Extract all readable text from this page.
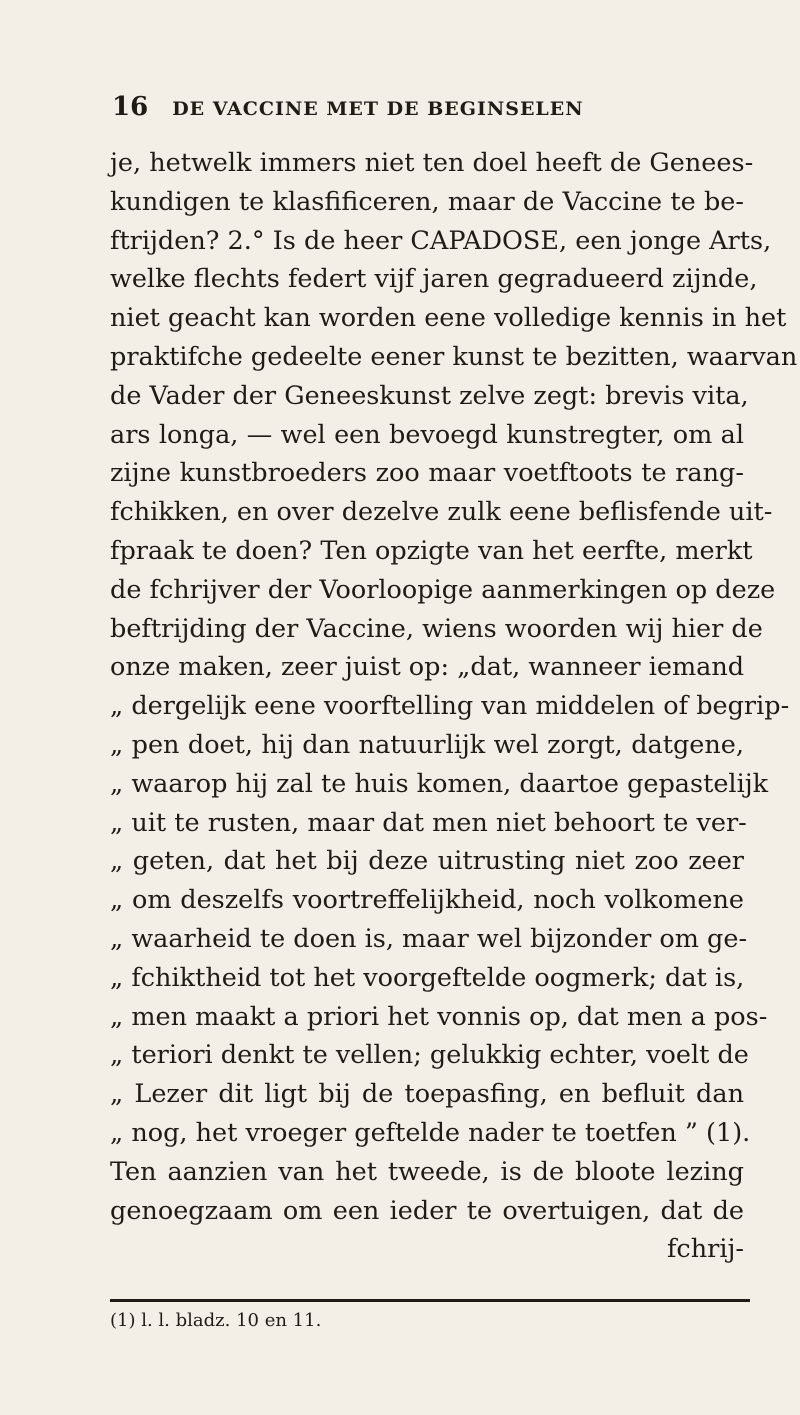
16 DE VACCINE MET DE BEGINSELEN
je, hetwelk immers niet ten doel heeft de Genees-
kundigen te klasfificeren, maar de Vaccine te be-
ftrijden? 2.° Is de heer CAPADOSE, een jonge Arts,
welke flechts federt vijf jaren gegradueerd zijnde,
niet geacht kan worden eene volledige kennis in het
praktifche gedeelte eener kunst te bezitten, waarvan
de Vader der Geneeskunst zelve zegt: brevis vita,
ars longa, — wel een bevoegd kunstregter, om al
zijne kunstbroeders zoo maar voetftoots te rang-
fchikken, en over dezelve zulk eene beflisfende uit-
fpraak te doen? Ten opzigte van het eerfte, merkt
de fchrijver der Voorloopige aanmerkingen op deze
beftrijding der Vaccine, wiens woorden wij hier de
onze maken, zeer juist op: „dat, wanneer iemand
„ dergelijk eene voorftelling van middelen of begrip-
„ pen doet, hij dan natuurlijk wel zorgt, datgene,
„ waarop hij zal te huis komen, daartoe gepastelijk
„ uit te rusten, maar dat men niet behoort te ver-
„ geten, dat het bij deze uitrusting niet zoo zeer
„ om deszelfs voortreffelijkheid, noch volkomene
„ waarheid te doen is, maar wel bijzonder om ge-
„ fchiktheid tot het voorgeftelde oogmerk; dat is,
„ men maakt a priori het vonnis op, dat men a pos-
„ teriori denkt te vellen; gelukkig echter, voelt de
„ Lezer dit ligt bij de toepasfing, en befluit dan
„ nog, het vroeger geftelde nader te toetfen ” (1).
Ten aanzien van het tweede, is de bloote lezing
genoegzaam om een ieder te overtuigen, dat de
fchrij-
(1) l. l. bladz. 10 en 11.
